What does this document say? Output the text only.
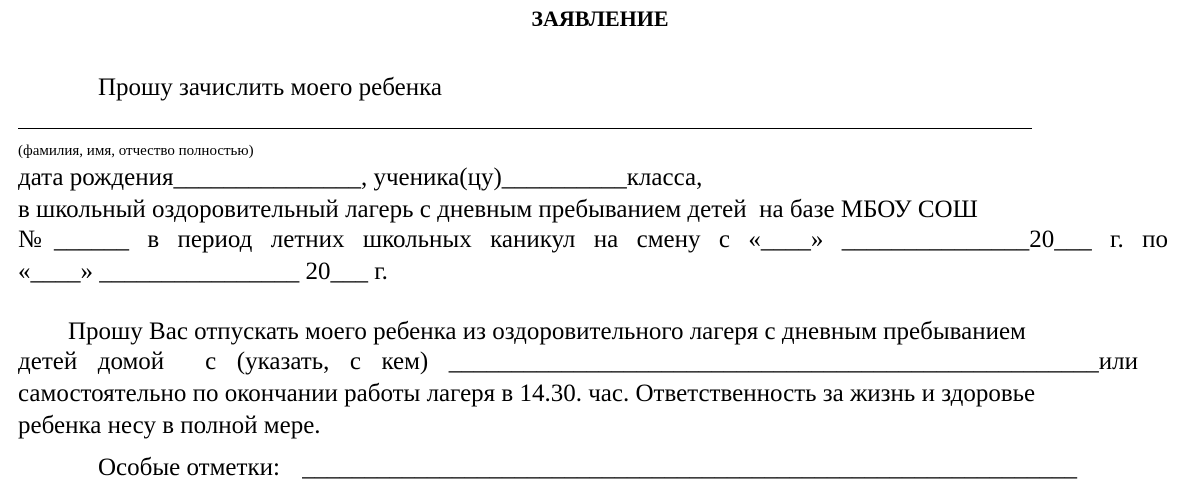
ЗАЯВЛЕНИЕ
Прошу зачислить моего ребенка
(фамилия, имя, отчество полностью)
дата рождения_______________, ученика(цу)__________класса,
в школьный оздоровительный лагерь с дневным пребыванием детей  на базе МБОУ СОШ
№______ в период летних школьных каникул на смену с «____» _______________20___ г. по
«____» ________________ 20___ г.
Прошу Вас отпускать моего ребенка из оздоровительного лагеря с дневным пребыванием
детей домой  с (указать, с кем) ____________________________________________________или
самостоятельно по окончании работы лагеря в 14.30. час. Ответственность за жизнь и здоровье
ребенка несу в полной мере.
Особые отметки: ______________________________________________________________
